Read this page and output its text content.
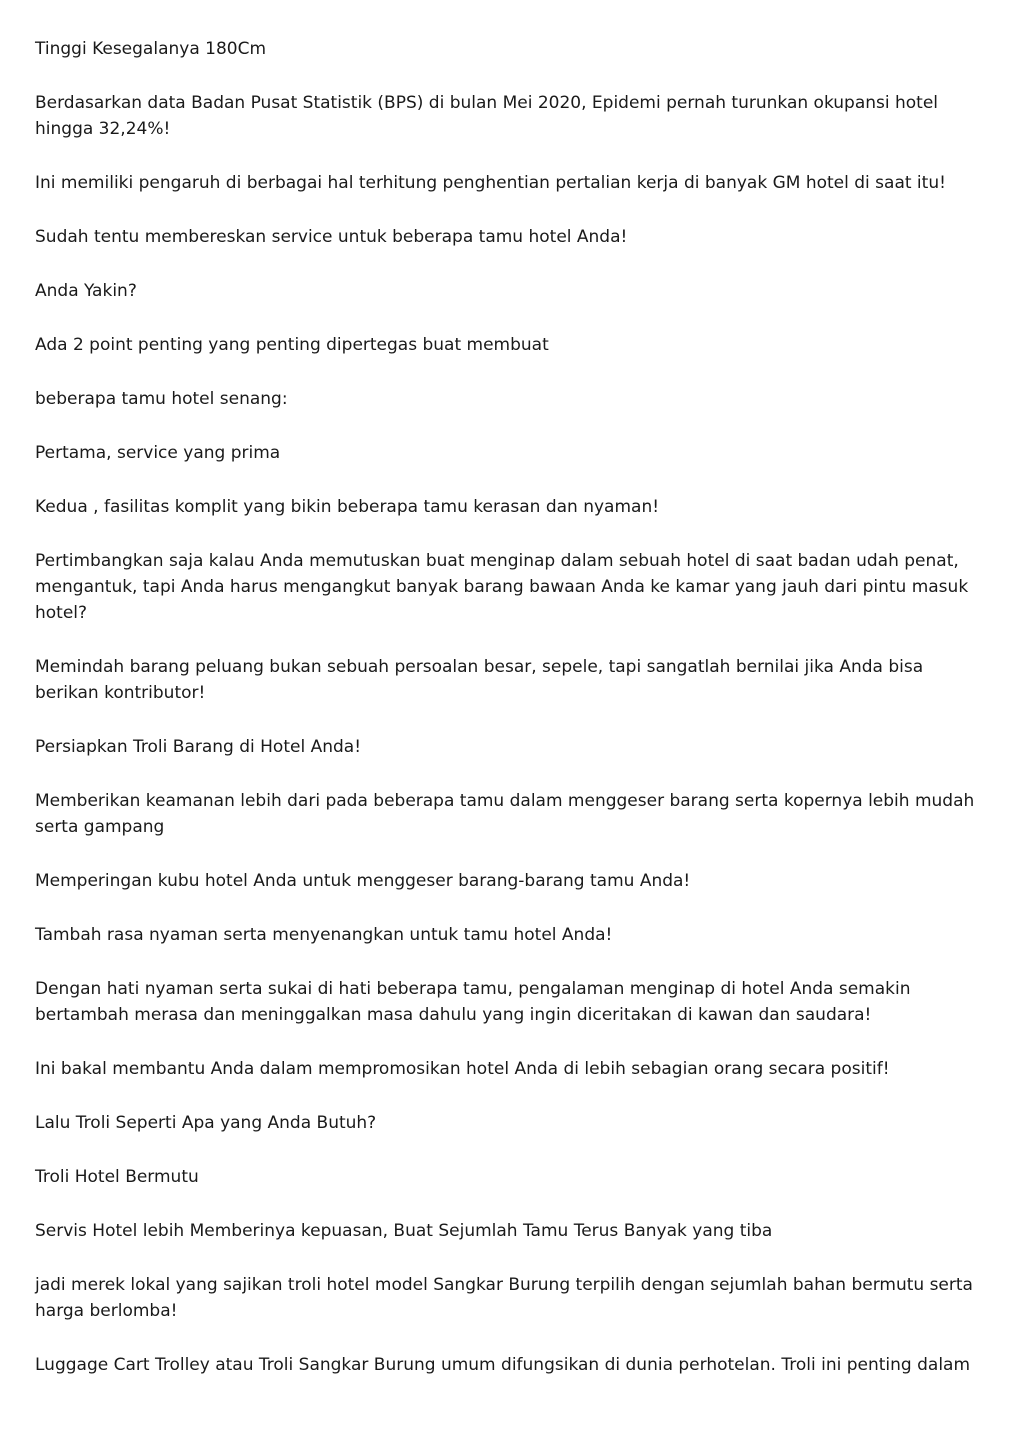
Tinggi Kesegalanya 180Cm

Berdasarkan data Badan Pusat Statistik (BPS) di bulan Mei 2020, Epidemi pernah turunkan okupansi hotel hingga 32,24%!

Ini memiliki pengaruh di berbagai hal terhitung penghentian pertalian kerja di banyak GM hotel di saat itu!

Sudah tentu membereskan service untuk beberapa tamu hotel Anda!

Anda Yakin?

Ada 2 point penting yang penting dipertegas buat membuat

beberapa tamu hotel senang:

Pertama, service yang prima

Kedua , fasilitas komplit yang bikin beberapa tamu kerasan dan nyaman!

Pertimbangkan saja kalau Anda memutuskan buat menginap dalam sebuah hotel di saat badan udah penat, mengantuk, tapi Anda harus mengangkut banyak barang bawaan Anda ke kamar yang jauh dari pintu masuk hotel?

Memindah barang peluang bukan sebuah persoalan besar, sepele, tapi sangatlah bernilai jika Anda bisa berikan kontributor!

Persiapkan Troli Barang di Hotel Anda!

Memberikan keamanan lebih dari pada beberapa tamu dalam menggeser barang serta kopernya lebih mudah serta gampang

Memperingan kubu hotel Anda untuk menggeser barang-barang tamu Anda!

Tambah rasa nyaman serta menyenangkan untuk tamu hotel Anda!

Dengan hati nyaman serta sukai di hati beberapa tamu, pengalaman menginap di hotel Anda semakin bertambah merasa dan meninggalkan masa dahulu yang ingin diceritakan di kawan dan saudara!

Ini bakal membantu Anda dalam mempromosikan hotel Anda di lebih sebagian orang secara positif!

Lalu Troli Seperti Apa yang Anda Butuh?

Troli Hotel Bermutu

Servis Hotel lebih Memberinya kepuasan, Buat Sejumlah Tamu Terus Banyak yang tiba

jadi merek lokal yang sajikan troli hotel model Sangkar Burung terpilih dengan sejumlah bahan bermutu serta harga berlomba!

Luggage Cart Trolley atau Troli Sangkar Burung umum difungsikan di dunia perhotelan. Troli ini penting dalam
